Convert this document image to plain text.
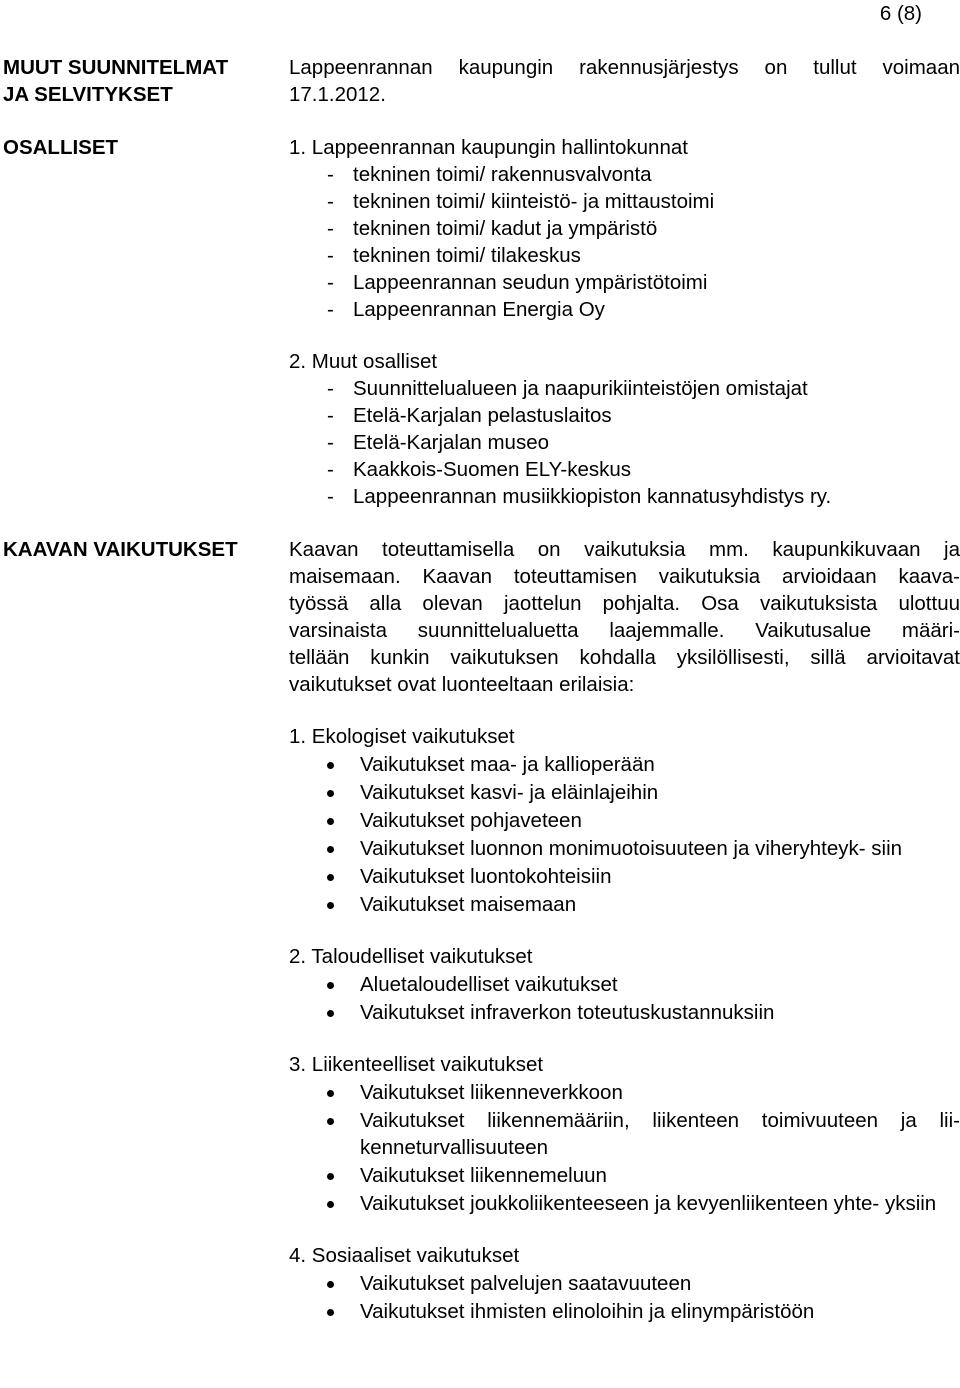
6 (8)
MUUT SUUNNITELMAT
JA SELVITYKSET
Lappeenrannan kaupungin rakennusjärjestys on tullut voimaan
17.1.2012.
OSALLISET	1. Lappeenrannan kaupungin hallintokunnat
- tekninen toimi/ rakennusvalvonta
- tekninen toimi/ kiinteistö- ja mittaustoimi
- tekninen toimi/ kadut ja ympäristö
- tekninen toimi/ tilakeskus
- Lappeenrannan seudun ympäristötoimi
- Lappeenrannan Energia Oy
2. Muut osalliset
- Suunnittelualueen ja naapurikiinteistöjen omistajat
- Etelä-Karjalan pelastuslaitos
- Etelä-Karjalan museo
- Kaakkois-Suomen ELY-keskus
- Lappeenrannan musiikkiopiston kannatusyhdistys ry.
KAAVAN VAIKUTUKSET	Kaavan toteuttamisella on vaikutuksia mm. kaupunkikuvaan ja
maisemaan. Kaavan toteuttamisen vaikutuksia arvioidaan kaava-
työssä alla olevan jaottelun pohjalta. Osa vaikutuksista ulottuu
varsinaista suunnittelualuetta laajemmalle. Vaikutusalue määri-
tellään kunkin vaikutuksen kohdalla yksilöllisesti, sillä arvioitavat
vaikutukset ovat luonteeltaan erilaisia:
1. Ekologiset vaikutukset
Vaikutukset maa- ja kallioperään
Vaikutukset kasvi- ja eläinlajeihin
Vaikutukset pohjaveteen
Vaikutukset luonnon monimuotoisuuteen ja viheryhteyk- siin
Vaikutukset luontokohteisiin
Vaikutukset maisemaan
2. Taloudelliset vaikutukset
Aluetaloudelliset vaikutukset
Vaikutukset infraverkon toteutuskustannuksiin
3. Liikenteelliset vaikutukset
Vaikutukset liikenneverkkoon
Vaikutukset liikennemääriin, liikenteen toimivuuteen ja lii- kenneturvallisuuteen
Vaikutukset liikennemeluun
Vaikutukset joukkoliikenteeseen ja kevyenliikenteen yhte- yksiin
4. Sosiaaliset vaikutukset
Vaikutukset palvelujen saatavuuteen
Vaikutukset ihmisten elinoloihin ja elinympäristöön
